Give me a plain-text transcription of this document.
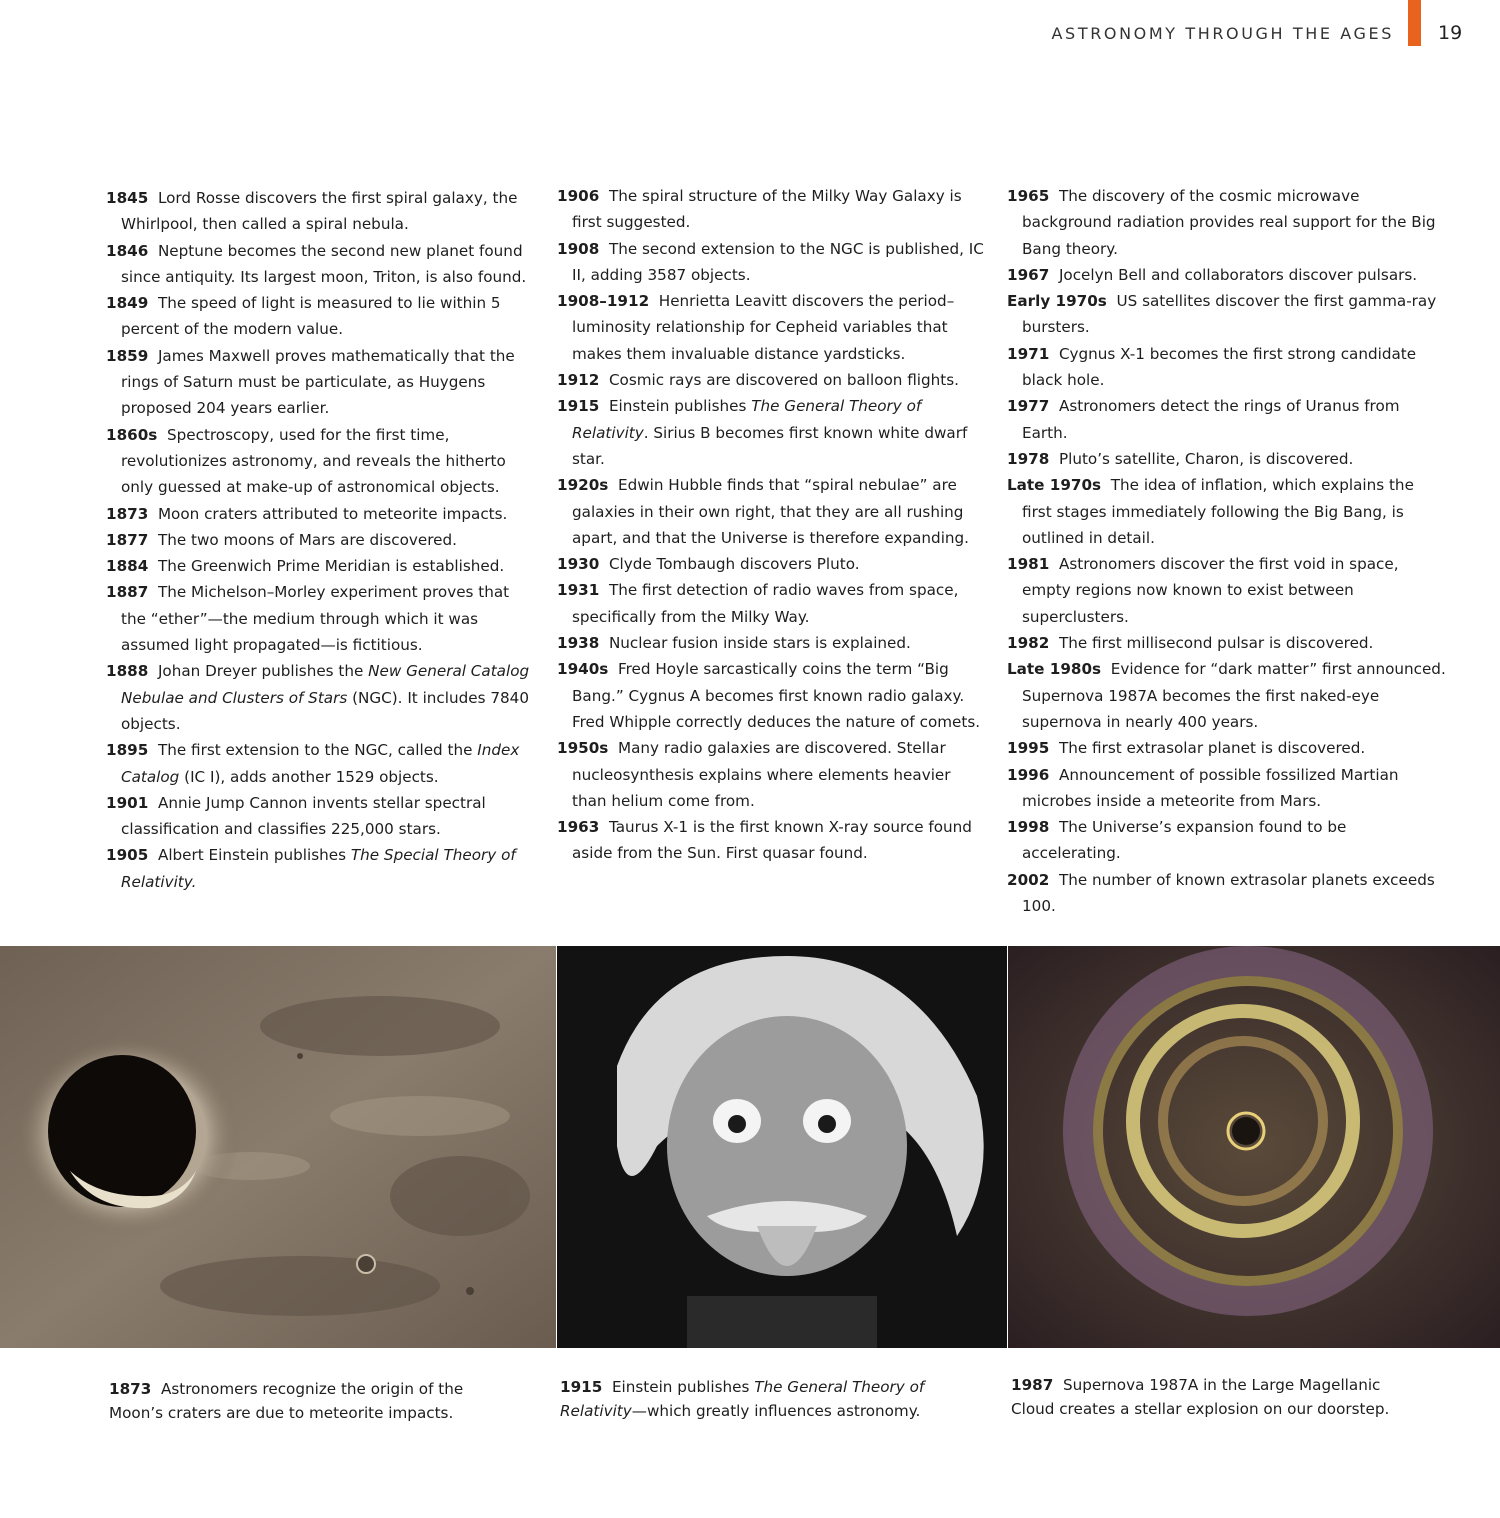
ASTRONOMY THROUGH THE AGES 19

1845 Lord Rosse discovers the first spiral galaxy, the Whirlpool, then called a spiral nebula.

1846 Neptune becomes the second new planet found since antiquity. Its largest moon, Triton, is also found.

1849 The speed of light is measured to lie within 5 percent of the modern value.

1859 James Maxwell proves mathematically that the rings of Saturn must be particulate, as Huygens proposed 204 years earlier.

1860s Spectroscopy, used for the first time, revolutionizes astronomy, and reveals the hitherto only guessed at make-up of astronomical objects.

1873 Moon craters attributed to meteorite impacts.

1877 The two moons of Mars are discovered.

1884 The Greenwich Prime Meridian is established.

1887 The Michelson–Morley experiment proves that the “ether”—the medium through which it was assumed light propagated—is fictitious.

1888 Johan Dreyer publishes the New General Catalog Nebulae and Clusters of Stars (NGC). It includes 7840 objects.

1895 The first extension to the NGC, called the Index Catalog (IC I), adds another 1529 objects.

1901 Annie Jump Cannon invents stellar spectral classification and classifies 225,000 stars.

1905 Albert Einstein publishes The Special Theory of Relativity.

1906 The spiral structure of the Milky Way Galaxy is first suggested.

1908 The second extension to the NGC is published, IC II, adding 3587 objects.

1908–1912 Henrietta Leavitt discovers the period–luminosity relationship for Cepheid variables that makes them invaluable distance yardsticks.

1912 Cosmic rays are discovered on balloon flights.

1915 Einstein publishes The General Theory of Relativity. Sirius B becomes first known white dwarf star.

1920s Edwin Hubble finds that “spiral nebulae” are galaxies in their own right, that they are all rushing apart, and that the Universe is therefore expanding.

1930 Clyde Tombaugh discovers Pluto.

1931 The first detection of radio waves from space, specifically from the Milky Way.

1938 Nuclear fusion inside stars is explained.

1940s Fred Hoyle sarcastically coins the term “Big Bang.” Cygnus A becomes first known radio galaxy. Fred Whipple correctly deduces the nature of comets.

1950s Many radio galaxies are discovered. Stellar nucleosynthesis explains where elements heavier than helium come from.

1963 Taurus X-1 is the first known X-ray source found aside from the Sun. First quasar found.

1965 The discovery of the cosmic microwave background radiation provides real support for the Big Bang theory.

1967 Jocelyn Bell and collaborators discover pulsars.

Early 1970s US satellites discover the first gamma-ray bursters.

1971 Cygnus X-1 becomes the first strong candidate black hole.

1977 Astronomers detect the rings of Uranus from Earth.

1978 Pluto’s satellite, Charon, is discovered.

Late 1970s The idea of inflation, which explains the first stages immediately following the Big Bang, is outlined in detail.

1981 Astronomers discover the first void in space, empty regions now known to exist between superclusters.

1982 The first millisecond pulsar is discovered.

Late 1980s Evidence for “dark matter” first announced. Supernova 1987A becomes the first naked-eye supernova in nearly 400 years.

1995 The first extrasolar planet is discovered.

1996 Announcement of possible fossilized Martian microbes inside a meteorite from Mars.

1998 The Universe’s expansion found to be accelerating.

2002 The number of known extrasolar planets exceeds 100.

1873 Astronomers recognize the origin of the Moon’s craters are due to meteorite impacts.
1915 Einstein publishes The General Theory of Relativity—which greatly influences astronomy.
1987 Supernova 1987A in the Large Magellanic Cloud creates a stellar explosion on our doorstep.
